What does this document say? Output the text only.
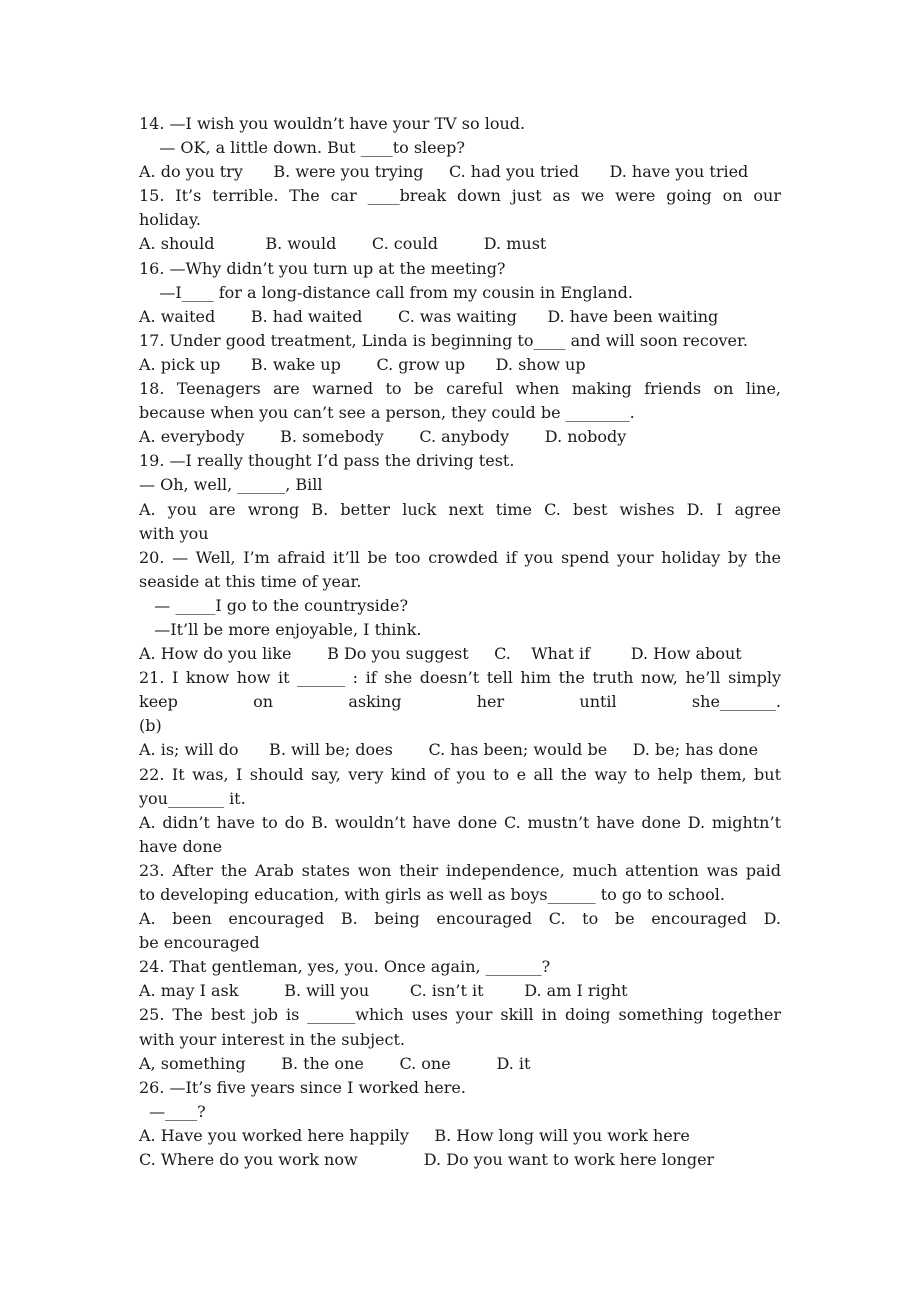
14. —I wish you wouldn’t have your TV so loud.
— OK, a little down. But ____to sleep?
A. do you try      B. were you trying     C. had you tried      D. have you tried
15. It’s terrible. The car ____break down just as we were going on our
holiday.
A. should          B. would       C. could         D. must
16. —Why didn’t you turn up at the meeting?
—I____ for a long-distance call from my cousin in England.
A. waited       B. had waited       C. was waiting      D. have been waiting
17. Under good treatment, Linda is beginning to____ and will soon recover.
A. pick up      B. wake up       C. grow up      D. show up
18. Teenagers are warned to be careful when making friends on line,
because when you can’t see a person, they could be ________.
A. everybody       B. somebody       C. anybody       D. nobody
19. —I really thought I’d pass the driving test.
— Oh, well, ______, Bill
A. you are wrong B. better luck next time C. best wishes D. I agree
with you
20. — Well, I’m afraid it’ll be too crowded if you spend your holiday by the
seaside at this time of year.
— _____I go to the countryside?
—It’ll be more enjoyable, I think.
A. How do you like       B Do you suggest     C.    What if        D. How about
21. I know how it ______ : if she doesn’t tell him the truth now, he’ll simply
keep on asking her until she_______.
(b)
A. is; will do      B. will be; does       C. has been; would be     D. be; has done
22. It was, I should say, very kind of you to e all the way to help them, but
you_______ it.
A. didn’t have to do B. wouldn’t have done C. mustn’t have done D. mightn’t
have done
23. After the Arab states won their independence, much attention was paid
to developing education, with girls as well as boys______ to go to school.
A. been encouraged B. being encouraged C. to be encouraged D.
be encouraged
24. That gentleman, yes, you. Once again, _______?
A. may I ask         B. will you        C. isn’t it        D. am I right
25. The best job is ______which uses your skill in doing something together
with your interest in the subject.
A, something       B. the one       C. one         D. it
26. —It’s five years since I worked here.
—____?
A. Have you worked here happily     B. How long will you work here
C. Where do you work now             D. Do you want to work here longer
